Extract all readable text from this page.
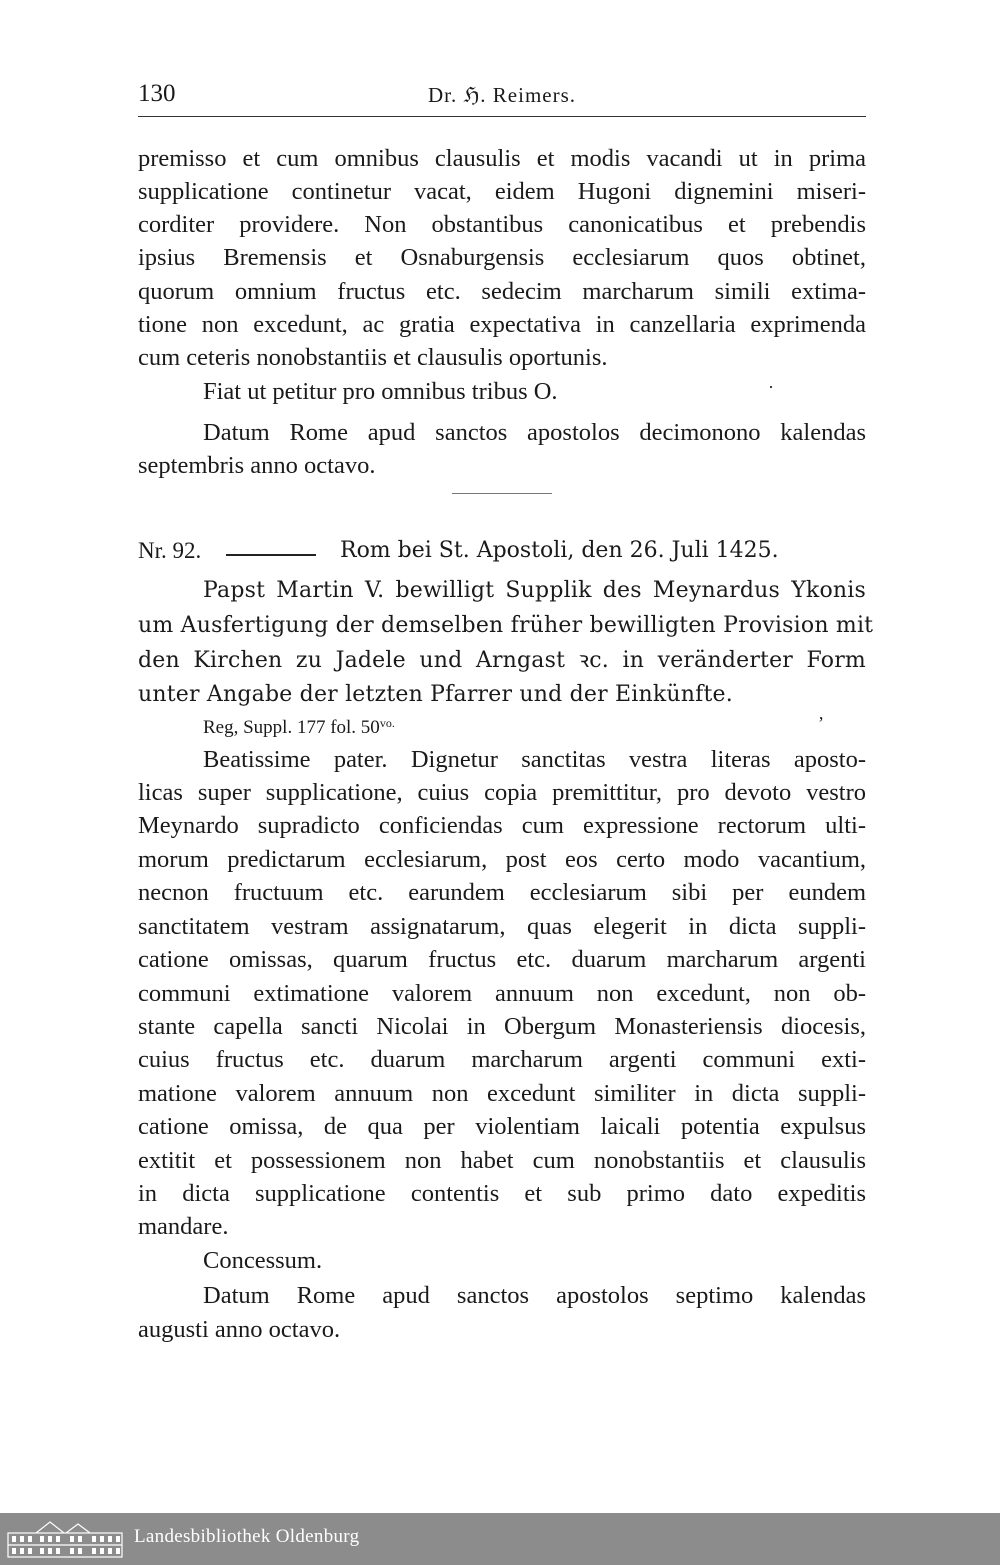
130	Dr. ℌ. Reimers.
premisso et cum omnibus clausulis et modis vacandi ut in prima
supplicatione continetur vacat, eidem Hugoni dignemini miseri-
corditer providere. Non obstantibus canonicatibus et prebendis
ipsius Bremensis et Osnaburgensis ecclesiarum quos obtinet,
quorum omnium fructus etc. sedecim marcharum simili extima-
tione non excedunt, ac gratia expectativa in canzellaria exprimenda
cum ceteris nonobstantiis et clausulis oportunis.
Fiat ut petitur pro omnibus tribus O.	·
Datum Rome apud sanctos apostolos decimonono kalendas
septembris anno octavo.
Nr. 92.	Rom bei St. Apostoli, den 26. Juli 1425.
Papst Martin V. bewilligt Supplik des Meynardus Ykonis
um Ausfertigung der demselben früher bewilligten Provision mit
den Kirchen zu Jadele und Arngast ꝛc. in veränderter Form
unter Angabe der letzten Pfarrer und der Einkünfte.
Reg, Suppl. 177 fol. $50^{vo.}$	ʼ
Beatissime pater. Dignetur sanctitas vestra literas aposto-
licas super supplicatione, cuius copia premittitur, pro devoto vestro
Meynardo supradicto conficiendas cum expressione rectorum ulti-
morum predictarum ecclesiarum, post eos certo modo vacantium,
necnon fructuum etc. earundem ecclesiarum sibi per eundem
sanctitatem vestram assignatarum, quas elegerit in dicta suppli-
catione omissas, quarum fructus etc. duarum marcharum argenti
communi extimatione valorem annuum non excedunt, non ob-
stante capella sancti Nicolai in Obergum Monasteriensis diocesis,
cuius fructus etc. duarum marcharum argenti communi exti-
matione valorem annuum non excedunt similiter in dicta suppli-
catione omissa, de qua per violentiam laicali potentia expulsus
extitit et possessionem non habet cum nonobstantiis et clausulis
in dicta supplicatione contentis et sub primo dato expeditis
mandare.
Concessum.
Datum Rome apud sanctos apostolos septimo kalendas
augusti anno octavo.
Landesbibliothek Oldenburg
